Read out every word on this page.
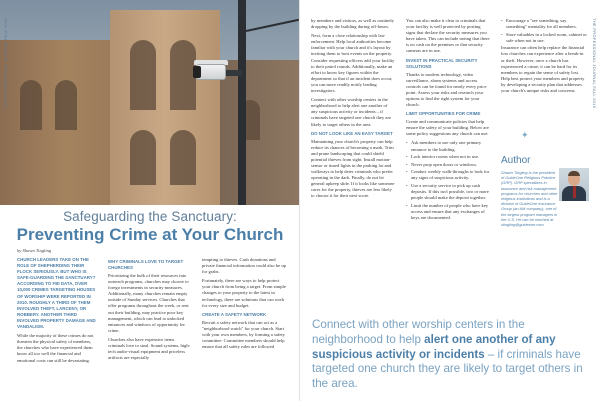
THE PROFESSIONAL JOURNAL FALL 2015
Safeguarding the Sanctuary:
Preventing Crime at Your Church
by Shawn Tingling

CHURCH LEADERS TAKE ON THE ROLE OF SHEPHERDING THEIR FLOCK SERIOUSLY. BUT WHO IS SAFE-GUARDING THE SANCTUARY? ACCORDING TO FBI DATA, OVER 10,000 CRIMES TARGETING HOUSES OF WORSHIP WERE REPORTED IN 2010. ROUGHLY A THIRD OF THEM INVOLVED THEFT, LARCENY, OR ROBBERY. ANOTHER THIRD INVOLVED PROPERTY DAMAGE AND VANDALISM.

While the majority of these crimes do not threaten the physical safety of members, the churches who have experienced them know all too well the financial and emotional costs can still be devastating.

WHY CRIMINALS LOVE TO TARGET CHURCHES

Prioritizing the bulk of their resources into outreach programs, churches may choose to forego investments in security measures. Additionally, many churches remain empty outside of Sunday services. Churches that offer programs throughout the week, or rent out their building, may practice poor key management, which can lead to unlocked entrances and windows of opportunity for crime.

Churches also have expensive items criminals love to steal. Sound systems, high-tech audio-visual equipment and priceless artifacts are especially

tempting to thieves. Cash donations and private financial information could also be up for grabs.

Fortunately, there are ways to help protect your church from being a target. From simple changes to your property to the latest in technology, there are solutions that can work for every size and budget.

CREATE A SAFETY NETWORK

Recruit a safety network that can act as a "neighborhood watch" for your church. Start with your own members, by forming a safety committee. Committee members should help ensure that all safety rules are followed

THE PROFESSIONAL JOURNAL FALL 2015

by members and visitors, as well as routinely dropping by the building during off-hours.

Next, form a close relationship with law enforcement. Help local authorities become familiar with your church and it's layout by inviting them to host events on the property. Consider requesting officers add your facility to their patrol rounds. Additionally, make an effort to know key figures within the department so that if an incident does occur, you can more readily notify leading investigators.

Connect with other worship centers in the neighborhood to help alert one another of any suspicious activity or incidents – if criminals have targeted one church they are likely to target others in the area.

DO NOT LOOK LIKE AN EASY TARGET

Maintaining your church's property can help reduce its chances of becoming a mark. Trim and prune landscaping that could shield potential thieves from sight. Install motion-sensor or timed lights in the parking lot and walkways to help deter criminals who prefer operating in the dark. Finally, do not let general upkeep slide. If it looks like someone cares for the property, thieves are less likely to choose it for their next score.

You can also make it clear to criminals that your facility is well protected by posting signs that declare the security measures you have taken. This can include noting that there is no cash on the premises or that security cameras are in use.

INVEST IN PRACTICAL SECURITY SOLUTIONS

Thanks to modern technology, video surveillance, alarm systems and access controls can be found for nearly every price point. Assess your risks and research your options to find the right system for your church.

LIMIT OPPORTUNITIES FOR CRIME

Create and communicate policies that help ensure the safety of your building. Below are some policy suggestions any church can use:

• Ask members to use only one primary entrance to the building.
• Lock interior rooms when not in use.
• Never prop open doors or windows.
• Conduct weekly walk-throughs to look for any signs of suspicious activity.
• Use a security service to pick up cash deposits. If this isn't possible, two or more people should make the deposit together.
• Limit the number of people who have key access and ensure that any exchanges of keys are documented.
• Encourage a "see something, say something" mentality for all members.
• Store valuables in a locked room, cabinet or safe when not in use.

Insurance can often help replace the financial loss churches can experience after a break-in or theft. However, once a church has experienced a crime, it can be hard for its members to regain the sense of safety lost. Help best protect your members and property by developing a security plan that addresses your church's unique risks and concerns.

✦
Author
Shawn Tingling is the president of GuideOne Religious Practice (GRP). GRP specializes in insurance and risk management programs for churches and other religious institutions and is a division of GuideOne Insurance Group (an AM company), one of the largest program managers in the U.S. He can be reached at stingling@guideone.com.
Connect with other worship centers in the neighborhood to help alert one another of any suspicious activity or incidents – if criminals have targeted one church they are likely to target others in the area.
